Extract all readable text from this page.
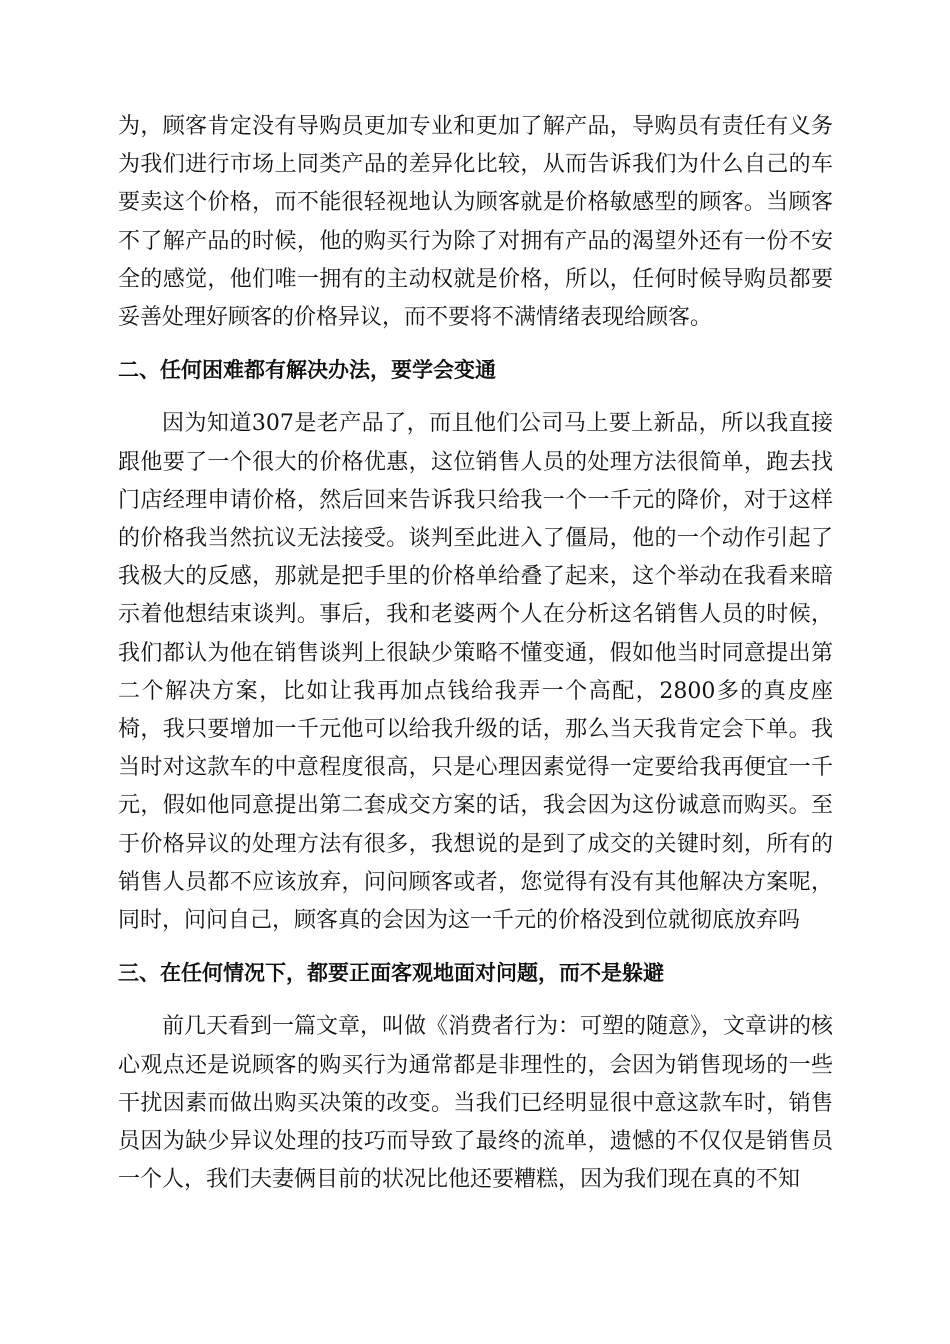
为，顾客肯定没有导购员更加专业和更加了解产品，导购员有责任有义务为我们进行市场上同类产品的差异化比较，从而告诉我们为什么自己的车要卖这个价格，而不能很轻视地认为顾客就是价格敏感型的顾客。当顾客不了解产品的时候，他的购买行为除了对拥有产品的渴望外还有一份不安全的感觉，他们唯一拥有的主动权就是价格，所以，任何时候导购员都要妥善处理好顾客的价格异议，而不要将不满情绪表现给顾客。

二、任何困难都有解决办法，要学会变通

因为知道307是老产品了，而且他们公司马上要上新品，所以我直接跟他要了一个很大的价格优惠，这位销售人员的处理方法很简单，跑去找门店经理申请价格，然后回来告诉我只给我一个一千元的降价，对于这样的价格我当然抗议无法接受。谈判至此进入了僵局，他的一个动作引起了我极大的反感，那就是把手里的价格单给叠了起来，这个举动在我看来暗示着他想结束谈判。事后，我和老婆两个人在分析这名销售人员的时候，我们都认为他在销售谈判上很缺少策略不懂变通，假如他当时同意提出第二个解决方案，比如让我再加点钱给我弄一个高配，2800多的真皮座椅，我只要增加一千元他可以给我升级的话，那么当天我肯定会下单。我当时对这款车的中意程度很高，只是心理因素觉得一定要给我再便宜一千元，假如他同意提出第二套成交方案的话，我会因为这份诚意而购买。至于价格异议的处理方法有很多，我想说的是到了成交的关键时刻，所有的销售人员都不应该放弃，问问顾客或者，您觉得有没有其他解决方案呢，同时，问问自己，顾客真的会因为这一千元的价格没到位就彻底放弃吗

三、在任何情况下，都要正面客观地面对问题，而不是躲避

前几天看到一篇文章，叫做《消费者行为：可塑的随意》，文章讲的核心观点还是说顾客的购买行为通常都是非理性的，会因为销售现场的一些干扰因素而做出购买决策的改变。当我们已经明显很中意这款车时，销售员因为缺少异议处理的技巧而导致了最终的流单，遗憾的不仅仅是销售员一个人，我们夫妻俩目前的状况比他还要糟糕，因为我们现在真的不知
